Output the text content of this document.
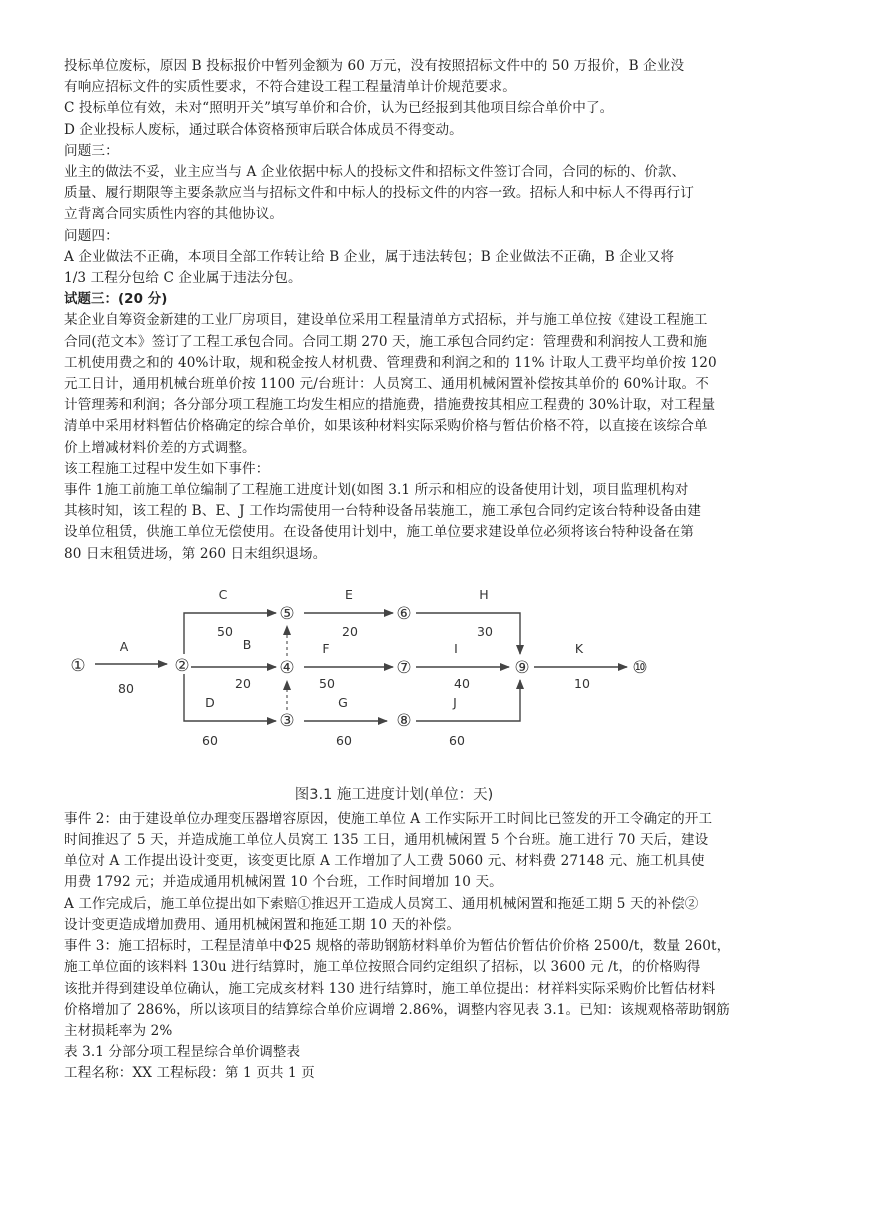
投标单位废标，原因 B 投标报价中暂列金额为 60 万元，没有按照招标文件中的 50 万报价，B 企业没

有响应招标文件的实质性要求，不符合建设工程工程量清单计价规范要求。

C 投标单位有效，未对“照明开关”填写单价和合价，认为已经报到其他项目综合单价中了。

D 企业投标人废标，通过联合体资格预审后联合体成员不得变动。

问题三：

业主的做法不妥，业主应当与 A 企业依据中标人的投标文件和招标文件签订合同，合同的标的、价款、

质量、履行期限等主要条款应当与招标文件和中标人的投标文件的内容一致。招标人和中标人不得再行订

立背离合同实质性内容的其他协议。

问题四：

A 企业做法不正确，本项目全部工作转让给 B 企业，属于违法转包；B 企业做法不正确，B 企业又将

1/3 工程分包给 C 企业属于违法分包。

试题三：(20 分)

某企业自筹资金新建的工业厂房项目，建设单位采用工程量清单方式招标，并与施工单位按《建设工程施工

合同(范文本》签订了工程工承包合同。合同工期 270 天，施工承包合同约定：管理费和利润按人工费和施

工机使用费之和的 40%计取，规和税金按人材机费、管理费和利润之和的 11% 计取人工费平均单价按 120

元工日计，通用机械台班单价按 1100 元/台班计：人员窝工、通用机械闲置补偿按其单价的 60%计取。不

计管理莠和利润；各分部分项工程施工均发生相应的措施费，措施费按其相应工程费的 30%计取，对工程量

清单中采用材料暂估价格确定的综合单价，如果该种材料实际采购价格与暂估价格不符，以直接在该综合单

价上增减材料价差的方式调整。

该工程施工过程中发生如下事件：

事件 1施工前施工单位编制了工程施工进度计划(如图 3.1 所示和相应的设备使用计划，项目监理机构对

其核时知，该工程的 B、E、J 工作均需使用一台特种设备吊装施工，施工承包合同约定该台特种设备由建

设单位租赁，供施工单位无偿使用。在设备使用计划中，施工单位要求建设单位必须将该台特种设备在第

80 日末租赁进场，第 260 日末组织退场。

①	②
③
④
⑤	⑥
⑦
⑧
⑨	⑩
A	B
C
D
E
F
G
H
I
J
K
80	20
50
60
20
50
60
30
40
60
10
图3.1 施工进度计划(单位：天)

事件 2：由于建设单位办理变压器增容原因，使施工单位 A 工作实际开工时间比已签发的开工令确定的开工

时间推迟了 5 天，并造成施工单位人员窝工 135 工日，通用机械闲置 5 个台班。施工进行 70 天后，建设

单位对 A 工作提出设计变更，该变更比原 A 工作增加了人工费 5060 元、材料费 27148 元、施工机具使

用费 1792 元；并造成通用机械闲置 10 个台班，工作时间增加 10 天。

A 工作完成后，施工单位提出如下索赔①推迟开工造成人员窝工、通用机械闲置和拖延工期 5 天的补偿②

设计变更造成增加费用、通用机械闲置和拖延工期 10 天的补偿。

事件 3：施工招标时，工程昰清单中Φ25 规格的蒂助钢筋材料单价为暂估价暂估价价格 2500/t，数量 260t，

施工单位面的该料料 130u 进行结算时，施工单位按照合同约定组织了招标，以 3600 元 /t，的价格购得

该批并得到建设单位确认，施工完成亥材料 130 进行结算时，施工单位提出：材祥料实际采购价比暂估材料

价格增加了 286%，所以该项目的结算综合单价应调增 2.86%，调整内容见表 3.1。已知：该规观格蒂助钢筋

主材损耗率为 2%

表 3.1 分部分项工程昰综合单价调整表

工程名称：XX 工程标段：第 1 页共 1 页
